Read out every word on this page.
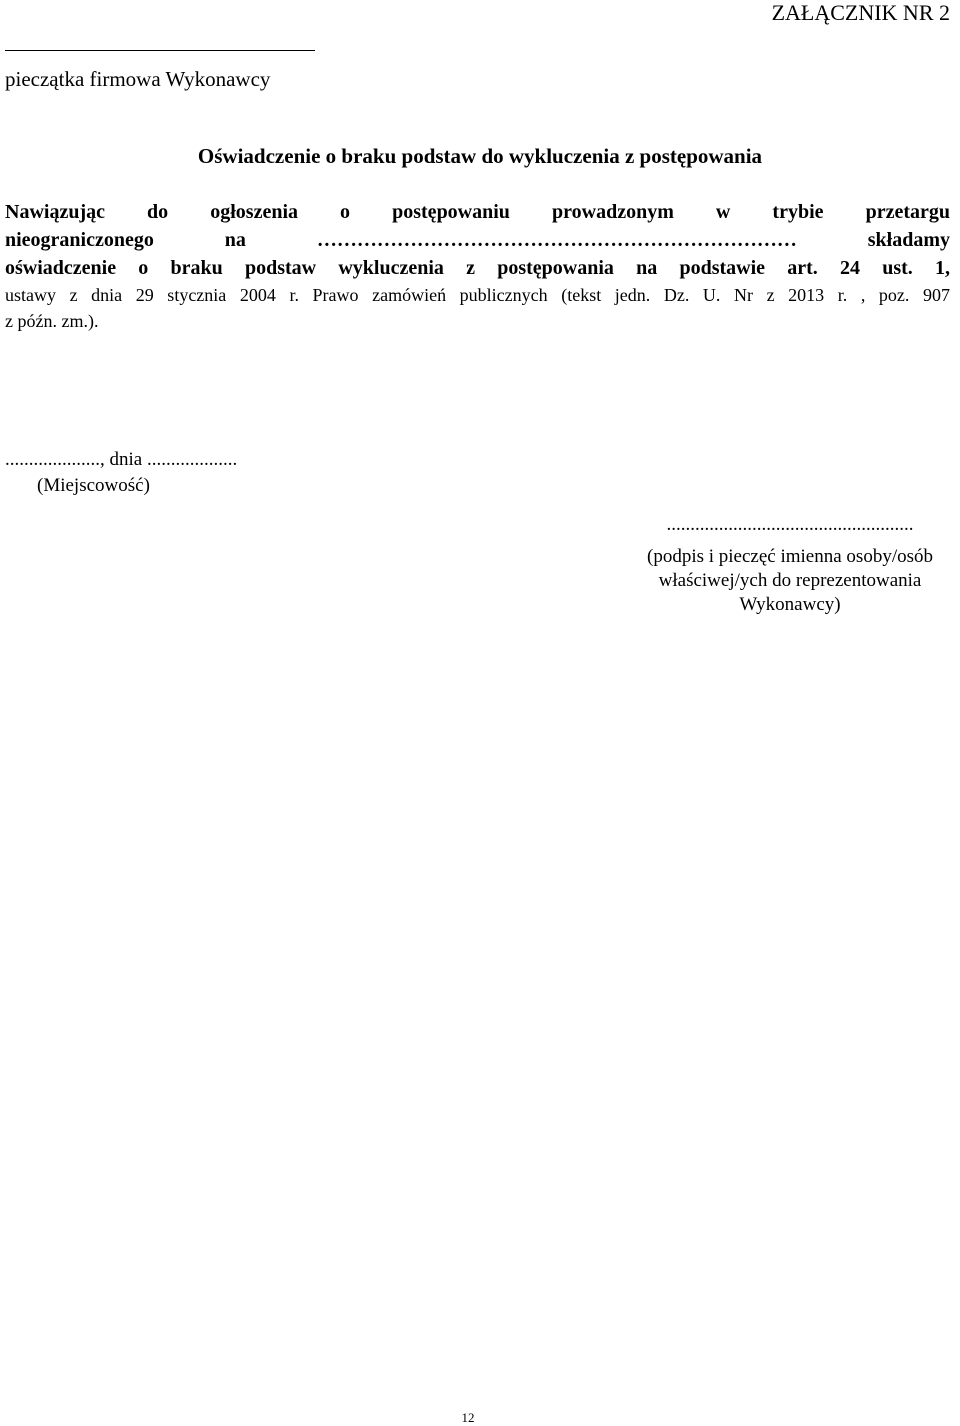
ZAŁĄCZNIK NR 2
pieczątka firmowa Wykonawcy
Oświadczenie o braku podstaw do wykluczenia z postępowania
Nawiązując do ogłoszenia o postępowaniu prowadzonym w trybie przetargu
nieograniczonego na ……………………………………………………………… składamy
oświadczenie o braku podstaw wykluczenia z postępowania na podstawie art. 24 ust. 1,
ustawy z dnia 29 stycznia 2004 r. Prawo zamówień publicznych (tekst jedn. Dz. U. Nr z 2013 r. , poz. 907
z późn. zm.).
...................., dnia ...................
(Miejscowość)
....................................................
(podpis i pieczęć imienna osoby/osób
właściwej/ych do reprezentowania
Wykonawcy)
12
